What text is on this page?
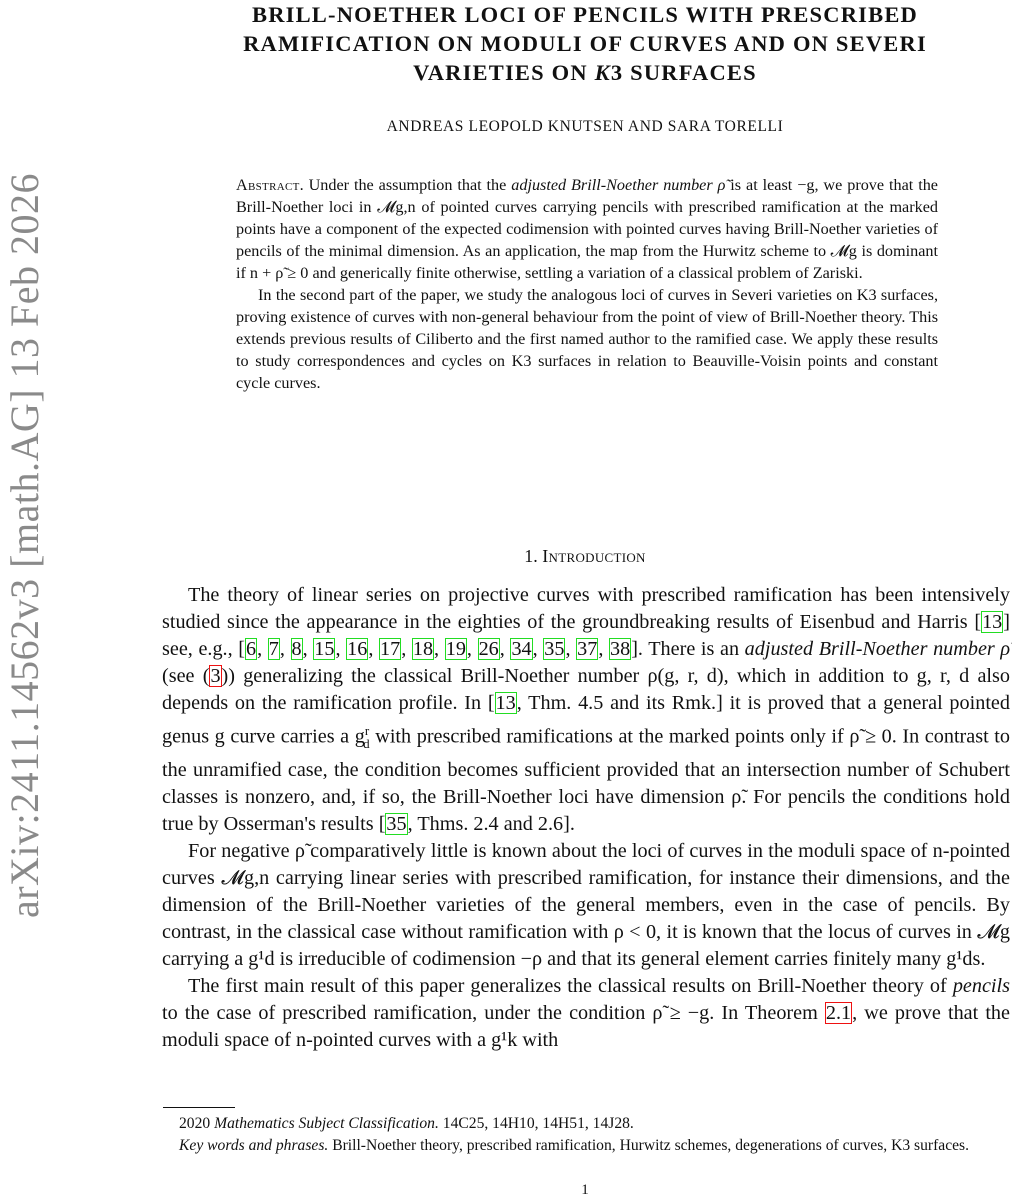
arXiv:2411.14562v3 [math.AG] 13 Feb 2026
BRILL-NOETHER LOCI OF PENCILS WITH PRESCRIBED
RAMIFICATION ON MODULI OF CURVES AND ON SEVERI
VARIETIES ON K3 SURFACES
ANDREAS LEOPOLD KNUTSEN AND SARA TORELLI

Abstract. Under the assumption that the adjusted Brill-Noether number ρ̃ is at least −g, we prove that the Brill-Noether loci in 𝓜g,n of pointed curves carrying pencils with prescribed ramification at the marked points have a component of the expected codimension with pointed curves having Brill-Noether varieties of pencils of the minimal dimension. As an application, the map from the Hurwitz scheme to 𝓜g is dominant if n + ρ̃ ≥ 0 and generically finite otherwise, settling a variation of a classical problem of Zariski.

In the second part of the paper, we study the analogous loci of curves in Severi varieties on K3 surfaces, proving existence of curves with non-general behaviour from the point of view of Brill-Noether theory. This extends previous results of Ciliberto and the first named author to the ramified case. We apply these results to study correspondences and cycles on K3 surfaces in relation to Beauville-Voisin points and constant cycle curves.

1. Introduction

The theory of linear series on projective curves with prescribed ramification has been intensively studied since the appearance in the eighties of the groundbreaking results of Eisenbud and Harris [13] see, e.g., [6, 7, 8, 15, 16, 17, 18, 19, 26, 34, 35, 37, 38]. There is an adjusted Brill-Noether number ρ̃ (see (3)) generalizing the classical Brill-Noether number ρ(g, r, d), which in addition to g, r, d also depends on the ramification profile. In [13, Thm. 4.5 and its Rmk.] it is proved that a general pointed genus g curve carries a $g^r_d$ with prescribed ramifications at the marked points only if ρ̃ ≥ 0. In contrast to the unramified case, the condition becomes sufficient provided that an intersection number of Schubert classes is nonzero, and, if so, the Brill-Noether loci have dimension ρ̃. For pencils the conditions hold true by Osserman's results [35, Thms. 2.4 and 2.6].

For negative ρ̃ comparatively little is known about the loci of curves in the moduli space of n-pointed curves 𝓜g,n carrying linear series with prescribed ramification, for instance their dimensions, and the dimension of the Brill-Noether varieties of the general members, even in the case of pencils. By contrast, in the classical case without ramification with ρ < 0, it is known that the locus of curves in 𝓜g carrying a g¹d is irreducible of codimension −ρ and that its general element carries finitely many g¹ds.

The first main result of this paper generalizes the classical results on Brill-Noether theory of pencils to the case of prescribed ramification, under the condition ρ̃ ≥ −g. In Theorem 2.1, we prove that the moduli space of n-pointed curves with a g¹k with

2020 Mathematics Subject Classification. 14C25, 14H10, 14H51, 14J28.

Key words and phrases. Brill-Noether theory, prescribed ramification, Hurwitz schemes, degenerations of curves, K3 surfaces.

1
